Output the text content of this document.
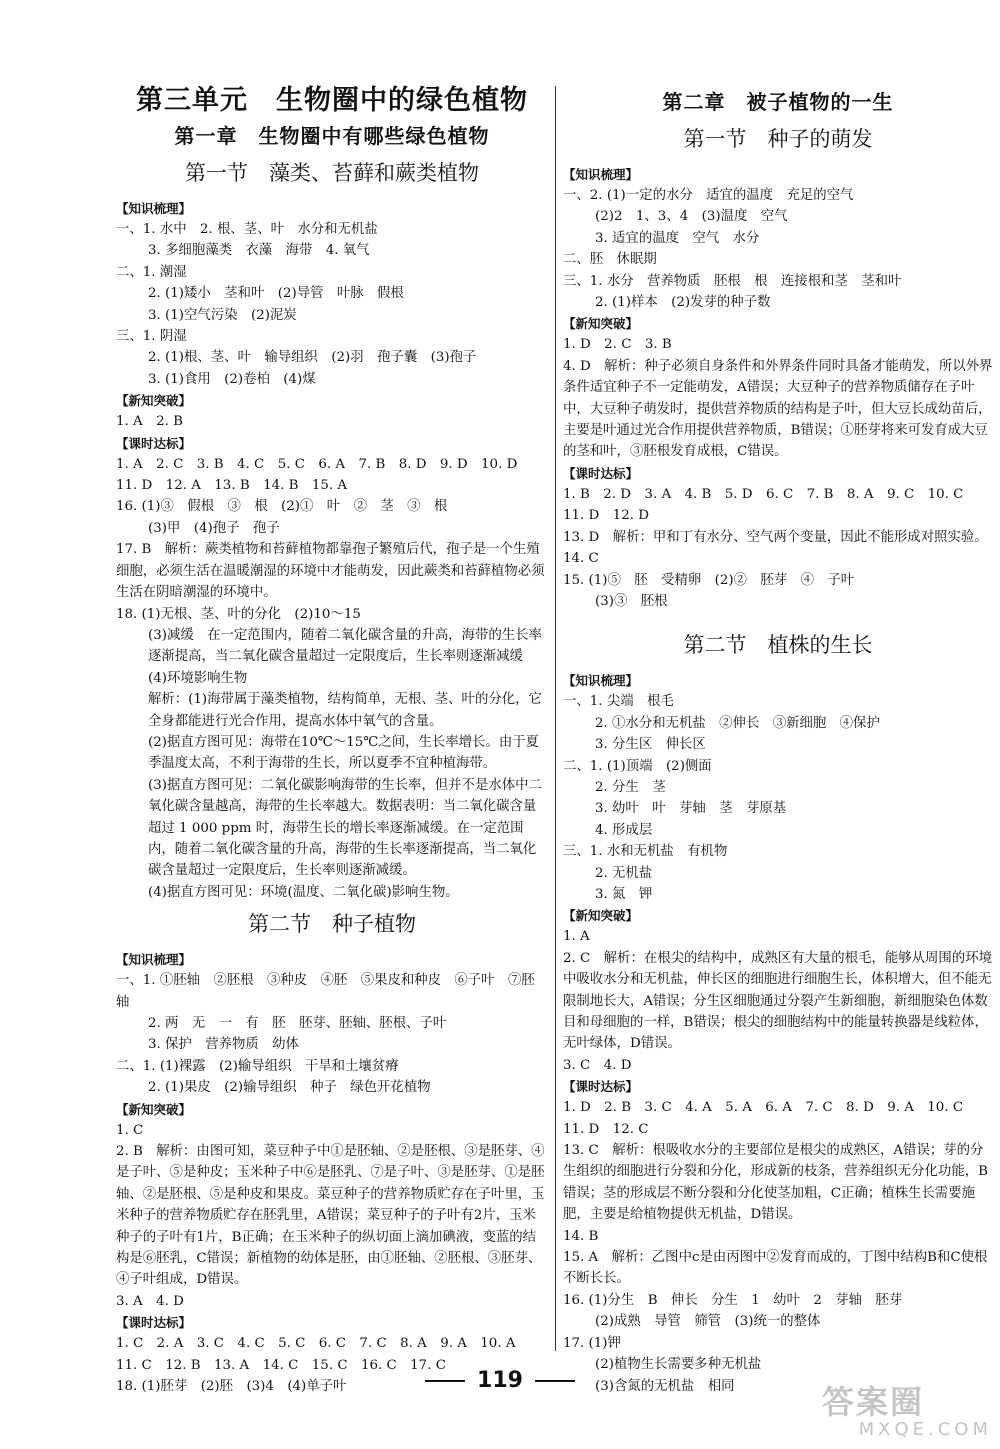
第三单元　生物圈中的绿色植物
第一章　生物圈中有哪些绿色植物
第一节　藻类、苔藓和蕨类植物
【 知识梳理 】
一、1. 水中　2. 根、茎、叶　水分和无机盐
3. 多细胞藻类　衣藻　海带　4. 氧气
二、1. 潮湿
2. (1)矮小　茎和叶　(2)导管　叶脉　假根
3. (1)空气污染　(2)泥炭
三、1. 阴湿
2. (1)根、茎、叶　输导组织　(2)羽　孢子囊　(3)孢子
3. (1)食用　(2)卷柏　(4)煤
【 新知突破 】
1. A　2. B
【 课时达标 】
1. A　2. C　3. B　4. C　5. C　6. A　7. B　8. D　9. D　10. D
11. D　12. A　13. B　14. B　15. A
16. (1)③　假根　③　根　(2)①　叶　②　茎　③　根
(3)甲　(4)孢子　孢子
17. B　解析：蕨类植物和苔藓植物都靠孢子繁殖后代，孢子是一个生殖细胞，必须生活在温暖潮湿的环境中才能萌发，因此蕨类和苔藓植物必须生活在阴暗潮湿的环境中。
18. (1)无根、茎、叶的分化　(2)10～15
(3)减缓　在一定范围内，随着二氧化碳含量的升高，海带的生长率逐渐提高，当二氧化碳含量超过一定限度后，生长率则逐渐减缓
(4)环境影响生物
解析：(1)海带属于藻类植物，结构简单，无根、茎、叶的分化，它全身都能进行光合作用，提高水体中氧气的含量。
(2)据直方图可见：海带在10℃～15℃之间，生长率增长。由于夏季温度太高，不利于海带的生长，所以夏季不宜种植海带。
(3)据直方图可见：二氧化碳影响海带的生长率，但并不是水体中二氧化碳含量越高，海带的生长率越大。数据表明：当二氧化碳含量超过 1 000 ppm 时，海带生长的增长率逐渐减缓。在一定范围内，随着二氧化碳含量的升高，海带的生长率逐渐提高，当二氧化碳含量超过一定限度后，生长率则逐渐减缓。
(4)据直方图可见：环境(温度、二氧化碳)影响生物。
第二节　种子植物
【 知识梳理 】
一、1. ①胚轴　②胚根　③种皮　④胚　⑤果皮和种皮　⑥子叶　⑦胚轴
2. 两　无　一　有　胚　胚芽、胚轴、胚根、子叶
3. 保护　营养物质　幼体
二、1. (1)裸露　(2)输导组织　干旱和土壤贫瘠
2. (1)果皮　(2)输导组织　种子　绿色开花植物
【 新知突破 】
1. C
2. B　解析：由图可知，菜豆种子中①是胚轴、②是胚根、③是胚芽、④是子叶、⑤是种皮；玉米种子中⑥是胚乳、⑦是子叶、③是胚芽、①是胚轴、②是胚根、⑤是种皮和果皮。菜豆种子的营养物质贮存在子叶里，玉米种子的营养物质贮存在胚乳里，A错误；菜豆种子的子叶有2片，玉米种子的子叶有1片，B正确；在玉米种子的纵切面上滴加碘液，变蓝的结构是⑥胚乳，C错误；新植物的幼体是胚，由①胚轴、②胚根、③胚芽、④子叶组成，D错误。
3. A　4. D
【 课时达标 】
1. C　2. A　3. C　4. C　5. C　6. C　7. C　8. A　9. A　10. A
11. C　12. B　13. A　14. C　15. C　16. C　17. C
18. (1)胚芽　(2)胚　(3)4　(4)单子叶
第二章　被子植物的一生
第一节　种子的萌发
【 知识梳理 】
一、2. (1)一定的水分　适宜的温度　充足的空气
(2)2　1、3、4　(3)温度　空气
3. 适宜的温度　空气　水分
二、胚　休眠期
三、1. 水分　营养物质　胚根　根　连接根和茎　茎和叶
2. (1)样本　(2)发芽的种子数
【 新知突破 】
1. D　2. C　3. B
4. D　解析：种子必须自身条件和外界条件同时具备才能萌发，所以外界条件适宜种子不一定能萌发，A错误；大豆种子的营养物质储存在子叶中，大豆种子萌发时，提供营养物质的结构是子叶，但大豆长成幼苗后，主要是叶通过光合作用提供营养物质，B错误；①胚芽将来可发育成大豆的茎和叶，③胚根发育成根，C错误。
【 课时达标 】
1. B　2. D　3. A　4. B　5. D　6. C　7. B　8. A　9. C　10. C
11. D　12. D
13. D　解析：甲和丁有水分、空气两个变量，因此不能形成对照实验。
14. C
15. (1)⑤　胚　受精卵　(2)②　胚芽　④　子叶
(3)③　胚根
第二节　植株的生长
【 知识梳理 】
一、1. 尖端　根毛
2. ①水分和无机盐　②伸长　③新细胞　④保护
3. 分生区　伸长区
二、1. (1)顶端　(2)侧面
2. 分生　茎
3. 幼叶　叶　芽轴　茎　芽原基
4. 形成层
三、1. 水和无机盐　有机物
2. 无机盐
3. 氮　钾
【 新知突破 】
1. A
2. C　解析：在根尖的结构中，成熟区有大量的根毛，能够从周围的环境中吸收水分和无机盐，伸长区的细胞进行细胞生长，体积增大，但不能无限制地长大，A错误；分生区细胞通过分裂产生新细胞，新细胞染色体数目和母细胞的一样，B错误；根尖的细胞结构中的能量转换器是线粒体，无叶绿体，D错误。
3. C　4. D
【 课时达标 】
1. D　2. B　3. C　4. A　5. A　6. A　7. C　8. D　9. A　10. C
11. D　12. C
13. C　解析：根吸收水分的主要部位是根尖的成熟区，A错误；芽的分生组织的细胞进行分裂和分化，形成新的枝条，营养组织无分化功能，B错误；茎的形成层不断分裂和分化使茎加粗，C正确；植株生长需要施肥，主要是给植物提供无机盐，D错误。
14. B
15. A　解析：乙图中c是由丙图中②发育而成的，丁图中结构B和C使根不断长长。
16. (1)分生　B　伸长　分生　1　幼叶　2　芽轴　胚芽
(2)成熟　导管　筛管　(3)统一的整体
17. (1)钾
(2)植物生长需要多种无机盐
(3)含氮的无机盐　相同
119
答案圈
MXQE.COM
